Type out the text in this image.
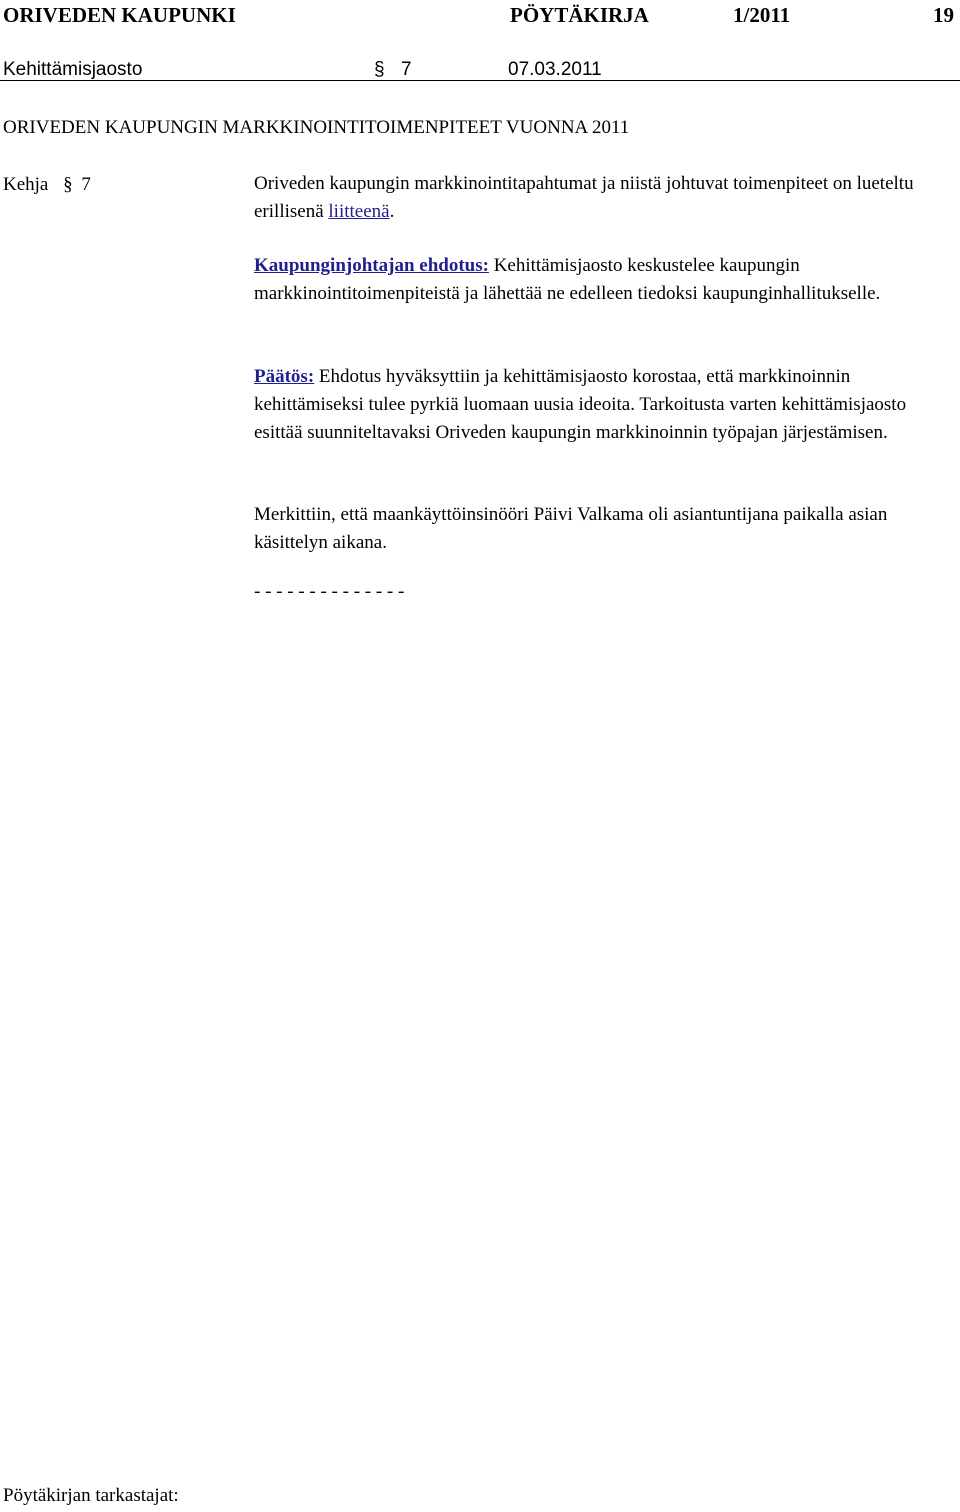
ORIVEDEN KAUPUNKI	PÖYTÄKIRJA	1/2011	19
Kehittämisjaosto	§ 7	07.03.2011
ORIVEDEN KAUPUNGIN MARKKINOINTITOIMENPITEET VUONNA 2011
Kehja § 7	Oriveden kaupungin markkinointitapahtumat ja niistä johtuvat toimenpiteet on lueteltu erillisenä liitteenä.

Kaupunginjohtajan ehdotus: Kehittämisjaosto keskustelee kaupungin markkinointitoimenpiteistä ja lähettää ne edelleen tiedoksi kaupunginhallitukselle.

Päätös: Ehdotus hyväksyttiin ja kehittämisjaosto korostaa, että markkinoinnin kehittämiseksi tulee pyrkiä luomaan uusia ideoita. Tarkoitusta varten kehittämisjaosto esittää suunniteltavaksi Oriveden kaupungin markkinoinnin työpajan järjestämisen.

Merkittiin, että maankäyttöinsinööri Päivi Valkama oli asiantuntijana paikalla asian käsittelyn aikana.

- - - - - - - - - - - - - -
Pöytäkirjan tarkastajat:
